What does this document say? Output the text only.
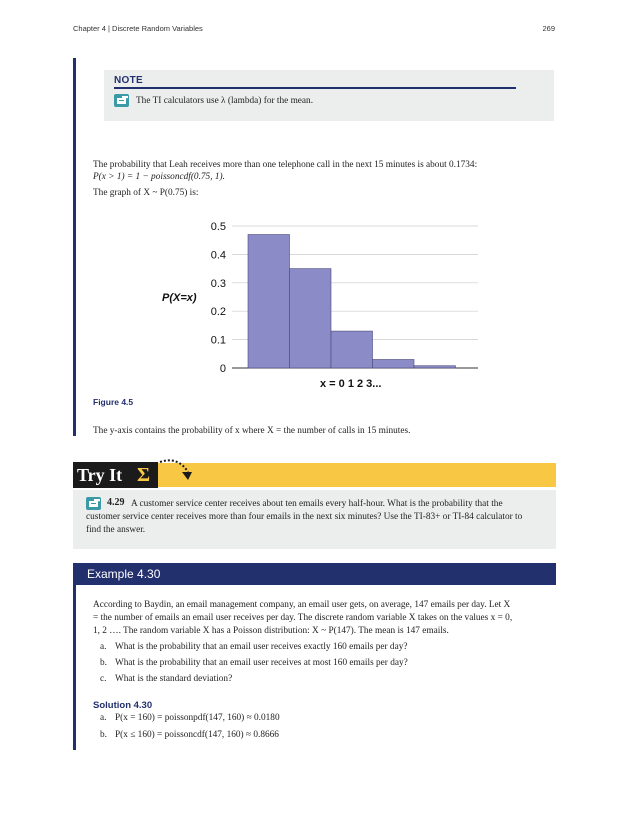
Chapter 4 | Discrete Random Variables	269
NOTE
The TI calculators use λ (lambda) for the mean.
The probability that Leah receives more than one telephone call in the next 15 minutes is about 0.1734:
P(x > 1) = 1 − poissoncdf(0.75, 1).
The graph of X ~ P(0.75) is:
0
0.1
0.2
0.3
0.4
0.5
P(X=x)
x = 0 1 2 3...
Figure 4.5
The y-axis contains the probability of x where X = the number of calls in 15 minutes.
Try It Σ
4.29 A customer service center receives about ten emails every half-hour. What is the probability that the
customer service center receives more than four emails in the next six minutes? Use the TI-83+ or TI-84 calculator to
find the answer.
Example 4.30
According to Baydin, an email management company, an email user gets, on average, 147 emails per day. Let X
= the number of emails an email user receives per day. The discrete random variable X takes on the values x = 0,
1, 2 …. The random variable X has a Poisson distribution: X ~ P(147). The mean is 147 emails.
a. What is the probability that an email user receives exactly 160 emails per day?
b. What is the probability that an email user receives at most 160 emails per day?
c. What is the standard deviation?
Solution 4.30
a. P(x = 160) = poissonpdf(147, 160) ≈ 0.0180
b. P(x ≤ 160) = poissoncdf(147, 160) ≈ 0.8666
